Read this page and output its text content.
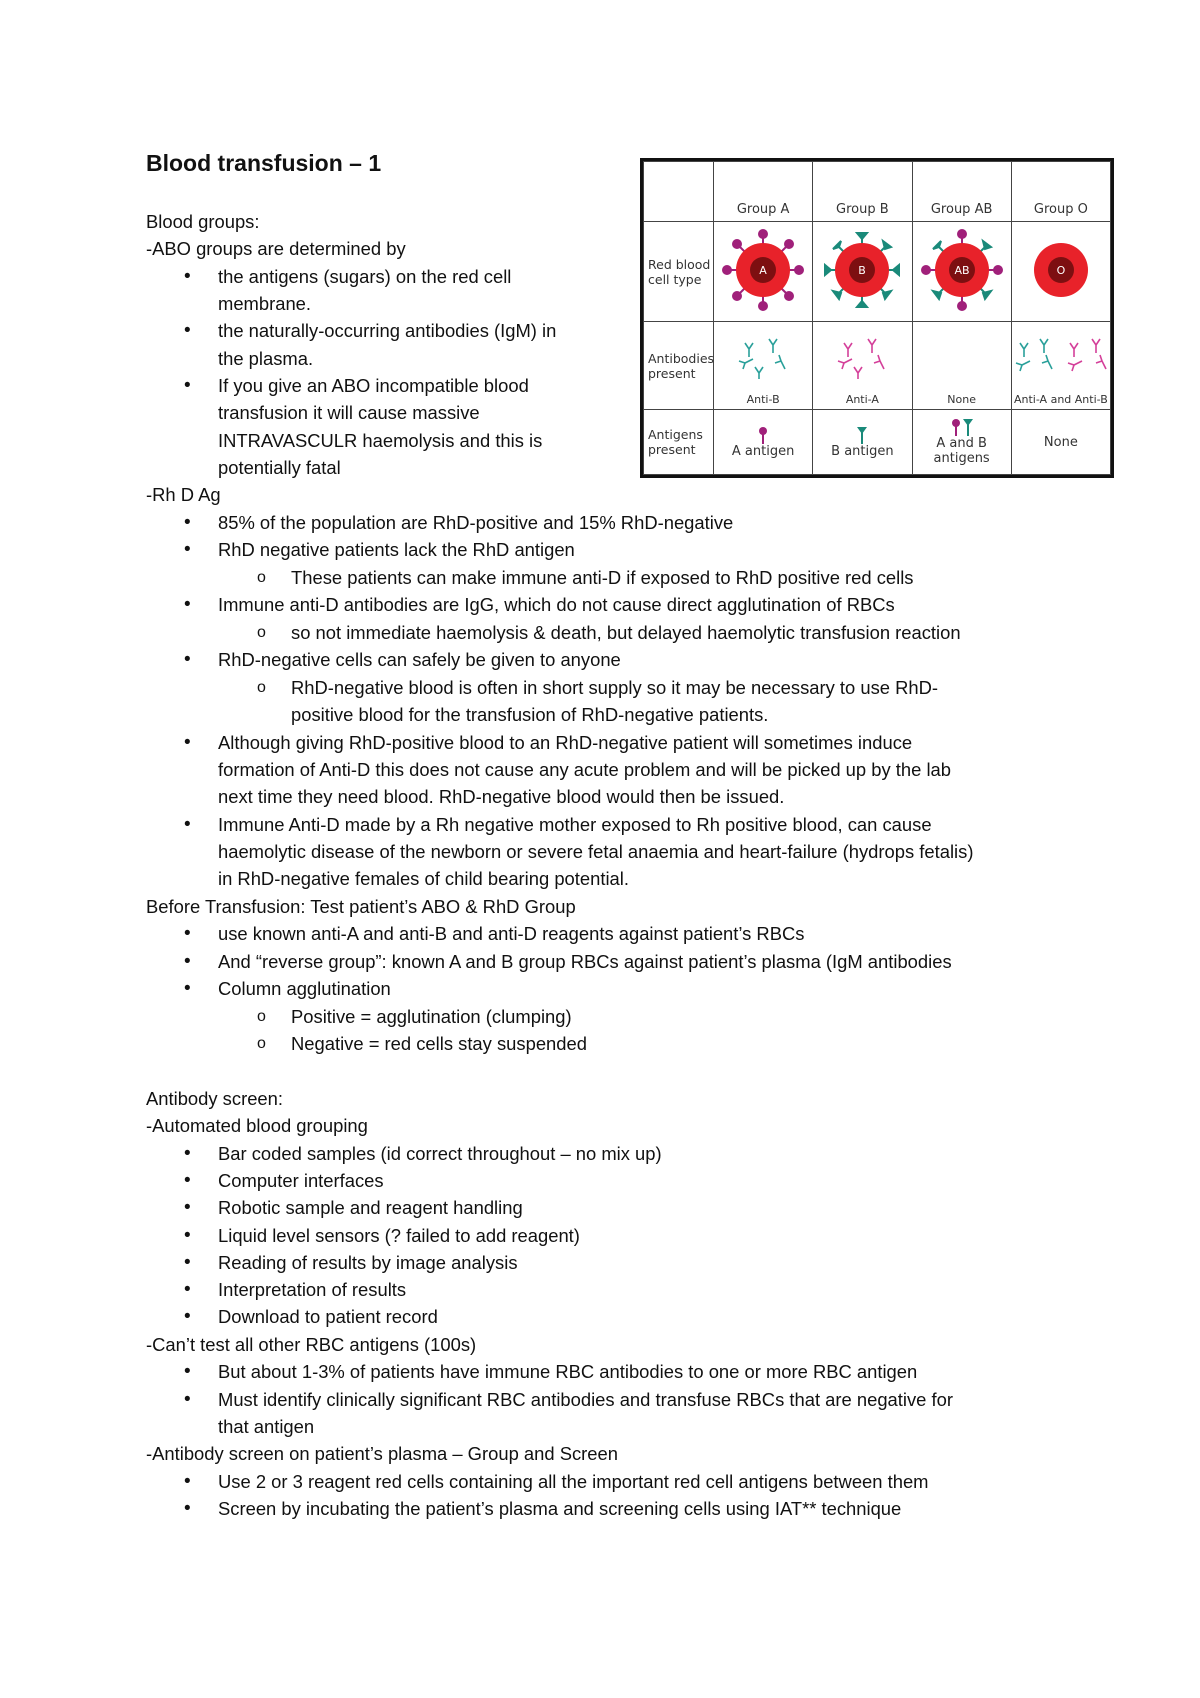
Blood transfusion – 1
Blood groups:
-ABO groups are determined by
• the antigens (sugars) on the red cell
membrane.
• the naturally-occurring antibodies (IgM) in
the plasma.
• If you give an ABO incompatible blood
transfusion it will cause massive
INTRAVASCULR haemolysis and this is
potentially fatal
-Rh D Ag
• 85% of the population are RhD-positive and 15% RhD-negative
• RhD negative patients lack the RhD antigen
o These patients can make immune anti-D if exposed to RhD positive red cells
• Immune anti-D antibodies are IgG, which do not cause direct agglutination of RBCs
o so not immediate haemolysis & death, but delayed haemolytic transfusion reaction
• RhD-negative cells can safely be given to anyone
o RhD-negative blood is often in short supply so it may be necessary to use RhD-
positive blood for the transfusion of RhD-negative patients.
• Although giving RhD-positive blood to an RhD-negative patient will sometimes induce
formation of Anti-D this does not cause any acute problem and will be picked up by the lab
next time they need blood. RhD-negative blood would then be issued.
• Immune Anti-D made by a Rh negative mother exposed to Rh positive blood, can cause
haemolytic disease of the newborn or severe fetal anaemia and heart-failure (hydrops fetalis)
in RhD-negative females of child bearing potential.
Before Transfusion: Test patient’s ABO & RhD Group
• use known anti-A and anti-B and anti-D reagents against patient’s RBCs
• And “reverse group”: known A and B group RBCs against patient’s plasma (IgM antibodies
• Column agglutination
o Positive = agglutination (clumping)
o Negative = red cells stay suspended
Antibody screen:
-Automated blood grouping
• Bar coded samples (id correct throughout – no mix up)
• Computer interfaces
• Robotic sample and reagent handling
• Liquid level sensors (? failed to add reagent)
• Reading of results by image analysis
• Interpretation of results
• Download to patient record
-Can’t test all other RBC antigens (100s)
• But about 1-3% of patients have immune RBC antibodies to one or more RBC antigen
• Must identify clinically significant RBC antibodies and transfuse RBCs that are negative for
that antigen
-Antibody screen on patient’s plasma – Group and Screen
• Use 2 or 3 reagent red cells containing all the important red cell antigens between them
• Screen by incubating the patient’s plasma and screening cells using IAT** technique
	Group A	Group B	Group AB	Group O
Red blood cell type	A	B	AB	O

Antibodies present	Anti-B	Anti-A	None	Anti-A and Anti-B

Antigens present	A antigen	B antigen	A and B antigens	None
